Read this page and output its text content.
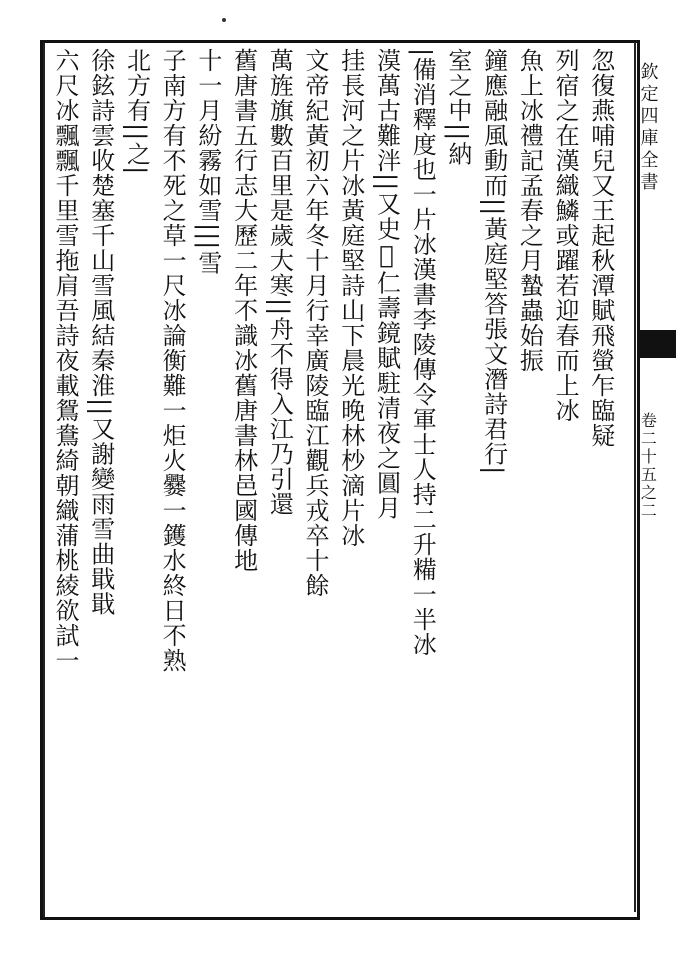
欽定四庫全書
卷二十五之二
忽復燕哺兒又王起秋潭賦飛螢乍臨疑
列宿之在漢織鱗或躍若迎春而上冰
魚上冰禮記孟春之月蟄蟲始振
鐘應融風動而||黃庭堅答張文潛詩君行|
室之中||納
|備消釋度也一片冰漢書李陵傳令軍士人持二升糒一半冰
漠萬古難泮||又史𤄊仁壽鏡賦駐清夜之圓月
挂長河之片冰黃庭堅詩山下晨光晚林杪滴片冰
文帝紀黃初六年冬十月行幸廣陵臨江觀兵戎卒十餘
萬旌旗數百里是歲大寒||舟不得入江乃引還
舊唐書五行志大歷二年不識冰舊唐書林邑國傳地
十一月紛霧如雪|||雪
子南方有不死之草一尺冰論衡難一炬火爨一鑊水終日不熟
北方有||之|
徐鉉詩雲收楚塞千山雪風結秦淮||又謝變雨雪曲戢戢
六尺冰飄飄千里雪拖肩吾詩夜載鴛鴦綺朝織蒲桃綾欲試一
